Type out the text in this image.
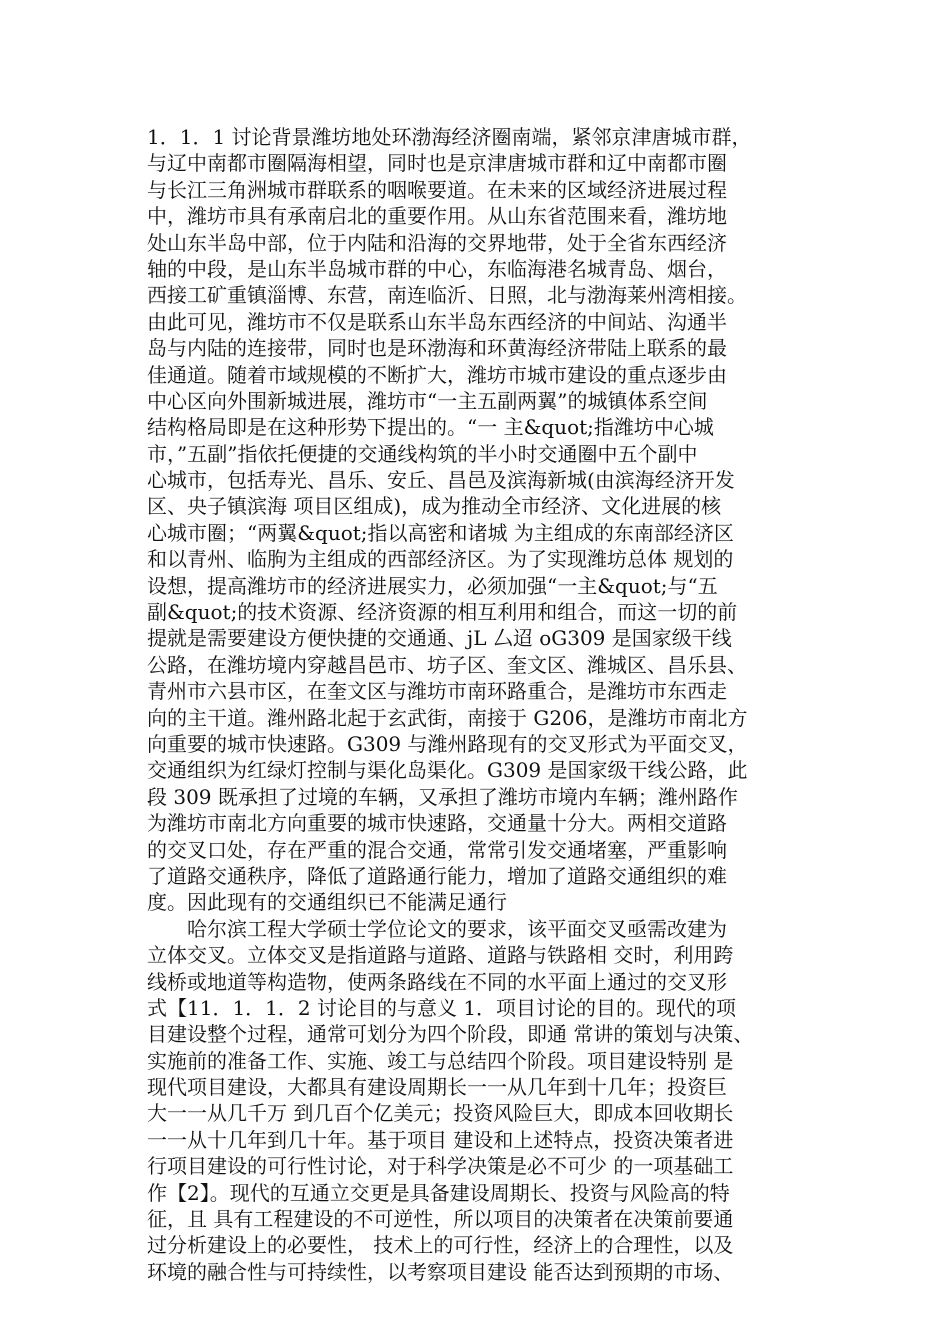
1．1．1 讨论背景潍坊地处环渤海经济圈南端，紧邻京津唐城市群，
与辽中南都市圈隔海相望，同时也是京津唐城市群和辽中南都市圈
与长江三角洲城市群联系的咽喉要道。在未来的区域经济进展过程
中，潍坊市具有承南启北的重要作用。从山东省范围来看，潍坊地
处山东半岛中部，位于内陆和沿海的交界地带，处于全省东西经济
轴的中段，是山东半岛城市群的中心，东临海港名城青岛、烟台，
西接工矿重镇淄博、东营，南连临沂、日照，北与渤海莱州湾相接。
由此可见，潍坊市不仅是联系山东半岛东西经济的中间站、沟通半
岛与内陆的连接带，同时也是环渤海和环黄海经济带陆上联系的最
佳通道。随着市域规模的不断扩大，潍坊市城市建设的重点逐步由
中心区向外围新城进展，潍坊市“一主五副两翼”的城镇体系空间
结构格局即是在这种形势下提出的。“一 主&quot;指潍坊中心城
市，”五副”指依托便捷的交通线构筑的半小时交通圈中五个副中
心城市，包括寿光、昌乐、安丘、昌邑及滨海新城(由滨海经济开发
区、央子镇滨海 项目区组成)，成为推动全市经济、文化进展的核
心城市圈；“两翼&quot;指以高密和诸城 为主组成的东南部经济区
和以青州、临朐为主组成的西部经济区。为了实现潍坊总体 规划的
设想，提高潍坊市的经济进展实力，必须加强“一主&quot;与“五
副&quot;的技术资源、经济资源的相互利用和组合，而这一切的前
提就是需要建设方便快捷的交通通、jL 厶迢 oG309 是国家级干线
公路，在潍坊境内穿越昌邑市、坊子区、奎文区、潍城区、昌乐县、
青州市六县市区，在奎文区与潍坊市南环路重合，是潍坊市东西走
向的主干道。潍州路北起于玄武街，南接于 G206，是潍坊市南北方
向重要的城市快速路。G309 与潍州路现有的交叉形式为平面交叉，
交通组织为红绿灯控制与渠化岛渠化。G309 是国家级干线公路，此
段 309 既承担了过境的车辆，又承担了潍坊市境内车辆；潍州路作
为潍坊市南北方向重要的城市快速路，交通量十分大。两相交道路
的交叉口处，存在严重的混合交通，常常引发交通堵塞，严重影响
了道路交通秩序，降低了道路通行能力，增加了道路交通组织的难
度。因此现有的交通组织已不能满足通行
　　哈尔滨工程大学硕士学位论文的要求，该平面交叉亟需改建为
立体交叉。立体交叉是指道路与道路、道路与铁路相 交时，利用跨
线桥或地道等构造物，使两条路线在不同的水平面上通过的交叉形
式【11．1．1．2 讨论目的与意义 1．项目讨论的目的。现代的项
目建设整个过程，通常可划分为四个阶段，即通 常讲的策划与决策、
实施前的准备工作、实施、竣工与总结四个阶段。项目建设特别 是
现代项目建设，大都具有建设周期长一一从几年到十几年；投资巨
大一一从几千万 到几百个亿美元；投资风险巨大，即成本回收期长
一一从十几年到几十年。基于项目 建设和上述特点，投资决策者进
行项目建设的可行性讨论，对于科学决策是必不可少 的一项基础工
作【2】。现代的互通立交更是具备建设周期长、投资与风险高的特
征，且 具有工程建设的不可逆性，所以项目的决策者在决策前要通
过分析建设上的必要性， 技术上的可行性，经济上的合理性，以及
环境的融合性与可持续性，以考察项目建设 能否达到预期的市场、
